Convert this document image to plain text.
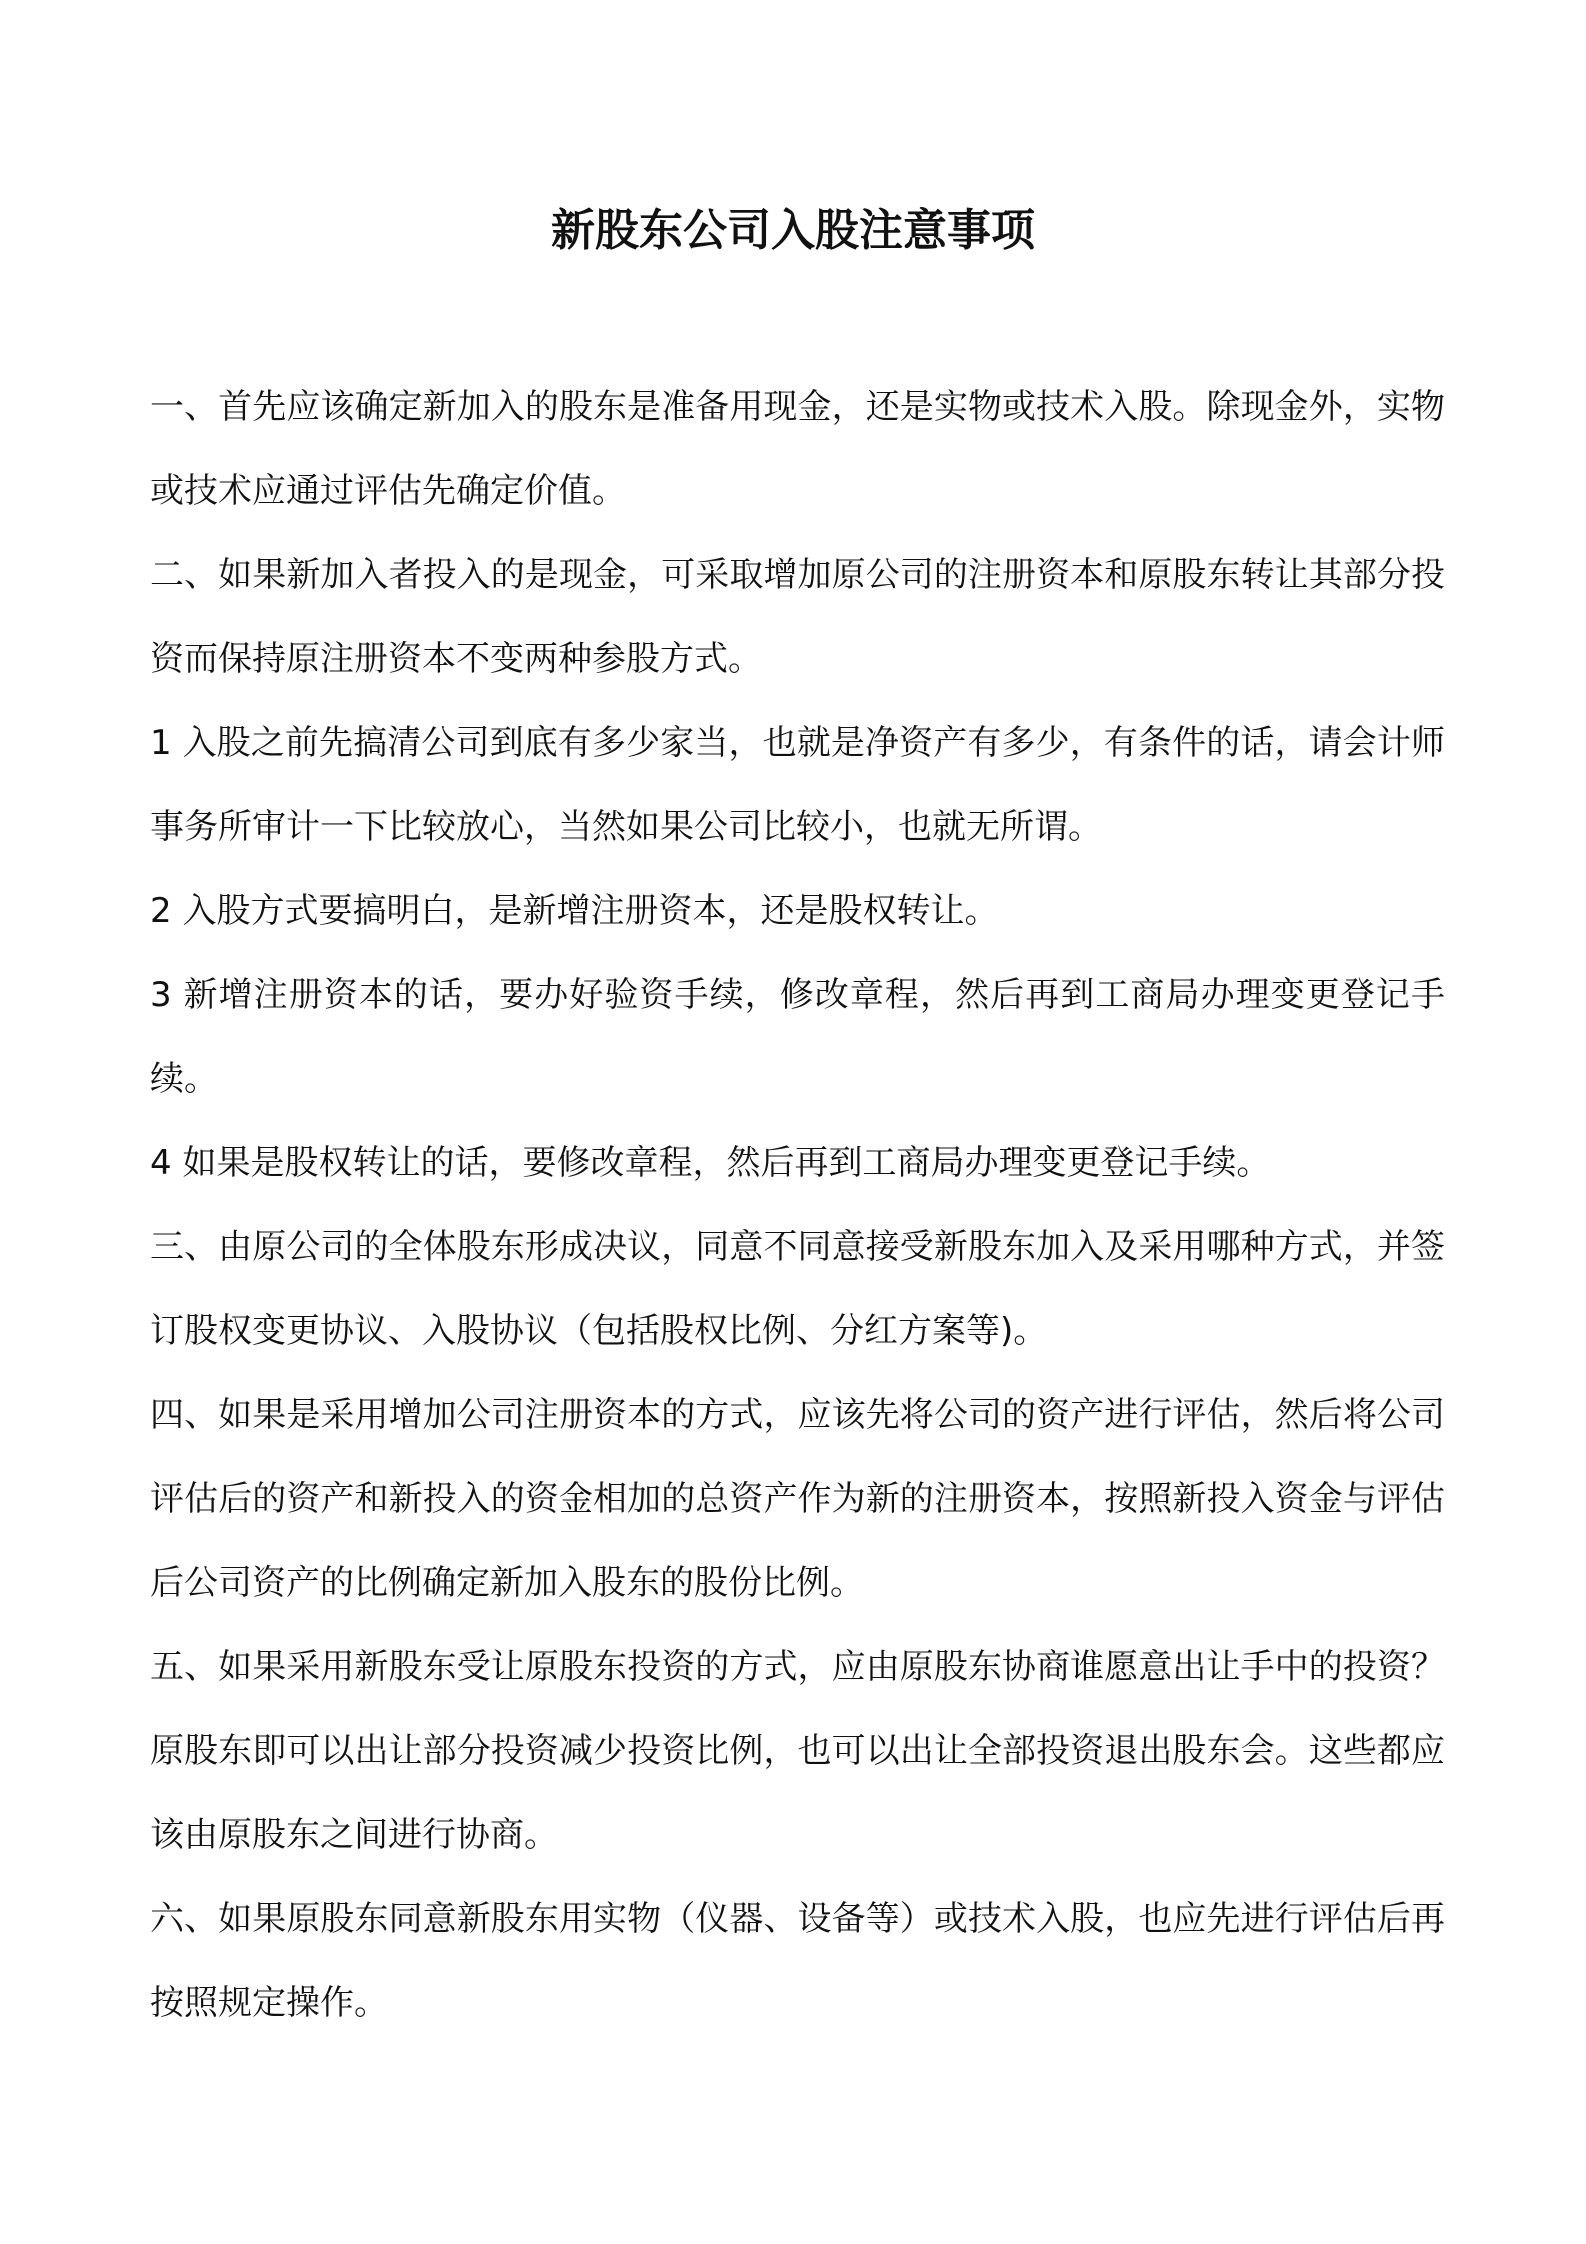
新股东公司入股注意事项

一、首先应该确定新加入的股东是准备用现金，还是实物或技术入股。除现金外，实物或技术应通过评估先确定价值。

二、如果新加入者投入的是现金，可采取增加原公司的注册资本和原股东转让其部分投资而保持原注册资本不变两种参股方式。

1 入股之前先搞清公司到底有多少家当，也就是净资产有多少，有条件的话，请会计师事务所审计一下比较放心，当然如果公司比较小，也就无所谓。

2 入股方式要搞明白，是新增注册资本，还是股权转让。

3 新增注册资本的话，要办好验资手续，修改章程，然后再到工商局办理变更登记手续。

4 如果是股权转让的话，要修改章程，然后再到工商局办理变更登记手续。

三、由原公司的全体股东形成决议，同意不同意接受新股东加入及采用哪种方式，并签订股权变更协议、入股协议（包括股权比例、分红方案等)。

四、如果是采用增加公司注册资本的方式，应该先将公司的资产进行评估，然后将公司评估后的资产和新投入的资金相加的总资产作为新的注册资本，按照新投入资金与评估后公司资产的比例确定新加入股东的股份比例。

五、如果采用新股东受让原股东投资的方式，应由原股东协商谁愿意出让手中的投资？原股东即可以出让部分投资减少投资比例，也可以出让全部投资退出股东会。这些都应该由原股东之间进行协商。

六、如果原股东同意新股东用实物（仪器、设备等）或技术入股，也应先进行评估后再按照规定操作。
